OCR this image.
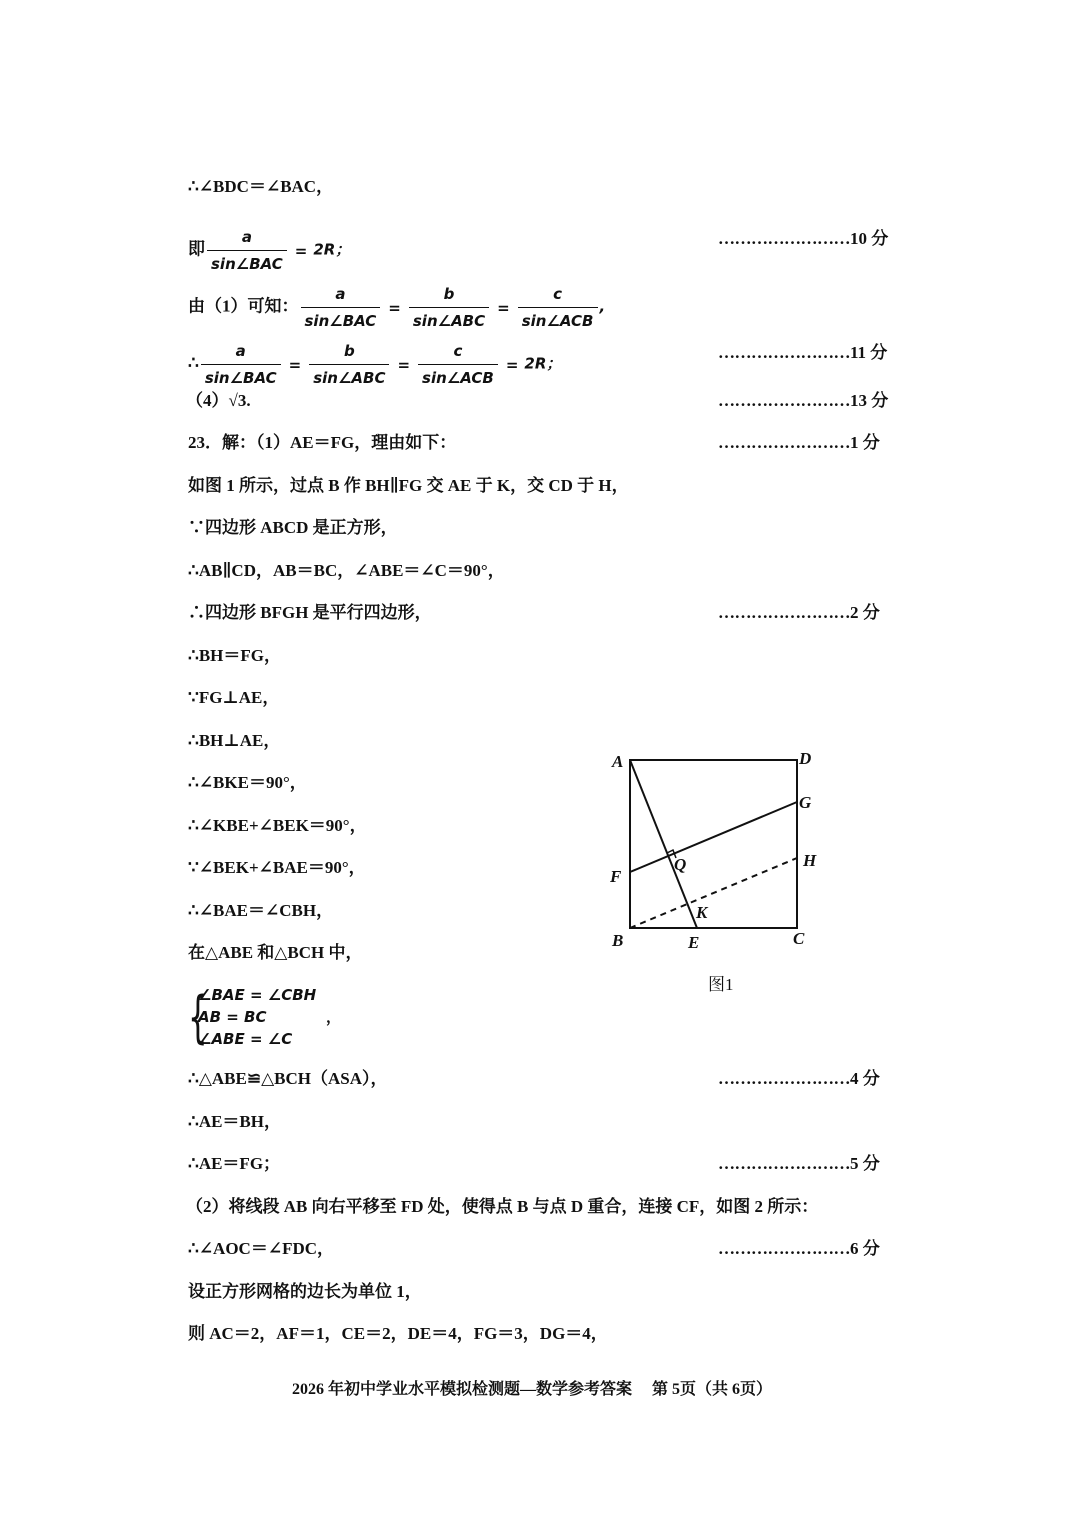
∴∠BDC＝∠BAC，
即 $\frac{a}{\text{sin∠BAC}} = 2R$；
由（1）可知： $\frac{a}{\text{sin∠BAC}} = \frac{b}{\text{sin∠ABC}} = \frac{c}{\text{sin∠ACB}}$ ,
∴ $\frac{a}{\text{sin∠BAC}} = \frac{b}{\text{sin∠ABC}} = \frac{c}{\text{sin∠ACB}} = 2R$；
（4）√3.
23．解：（1）AE＝FG，理由如下：
如图 1 所示，过点 B 作 BH∥FG 交 AE 于 K，交 CD 于 H，
∵四边形 ABCD 是正方形，
∴AB∥CD，AB＝BC，∠ABE＝∠C＝90°，
∴四边形 BFGH 是平行四边形，
∴BH＝FG，
∵FG⊥AE，
∴BH⊥AE，
∴∠BKE＝90°，
∴∠KBE+∠BEK＝90°，
∵∠BEK+∠BAE＝90°，
∴∠BAE＝∠CBH，
在△ABE 和△BCH 中，
{
∠BAE = ∠CBH
AB = BC
∠ABE = ∠C
，
∴△ABE≌△BCH（ASA），
∴AE＝BH，
∴AE＝FG；
（2）将线段 AB 向右平移至 FD 处，使得点 B 与点 D 重合，连接 CF，如图 2 所示：
∴∠AOC＝∠FDC，
设正方形网格的边长为单位 1，
则 AC＝2，AF＝1，CE＝2，DE＝4，FG＝3，DG＝4，
……………………10 分
……………………11 分
……………………13 分
……………………1 分
……………………2 分
……………………4 分
……………………5 分
……………………6 分
A	D
G
H
Q
F
K
B	E	C
图1
2026 年初中学业水平模拟检测题—数学参考答案　 第 5页（共 6页）
